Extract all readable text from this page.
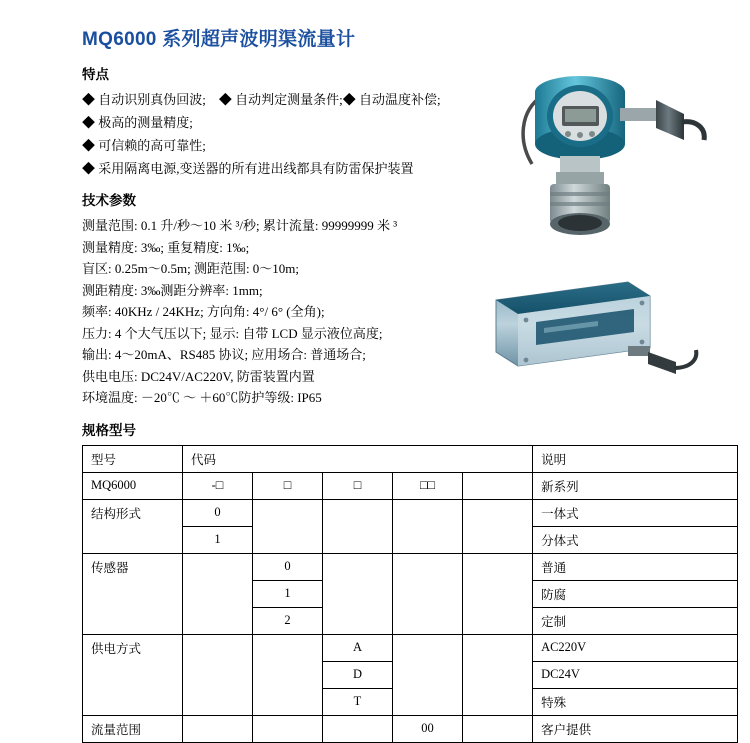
MQ6000 系列超声波明渠流量计
特点

◆ 自动识别真伪回波;    ◆ 自动判定测量条件;◆ 自动温度补偿;

◆ 极高的测量精度;

◆ 可信赖的高可靠性;

◆ 采用隔离电源,变送器的所有进出线都具有防雷保护装置

技术参数

测量范围: 0.1 升/秒～10 米 ³/秒; 累计流量: 99999999 米 ³

测量精度: 3‰; 重复精度: 1‰;

盲区: 0.25m～0.5m; 测距范围: 0～10m;

测距精度: 3‰测距分辨率: 1mm;

频率: 40KHz / 24KHz; 方向角: 4°/ 6° (全角);

压力: 4 个大气压以下; 显示: 自带 LCD 显示液位高度;

输出: 4～20mA、RS485 协议; 应用场合: 普通场合;

供电电压: DC24V/AC220V, 防雷装置内置

环境温度: －20℃ ～ ＋60℃防护等级: IP65

规格型号
型号	代码					说明
MQ6000	-□	□	□	□□		新系列
结构形式	0					一体式
	1					分体式
传感器		0				普通
		1				防腐
		2				定制
供电方式			A			AC220V
			D			DC24V
			T			特殊
流量范围				00		客户提供
